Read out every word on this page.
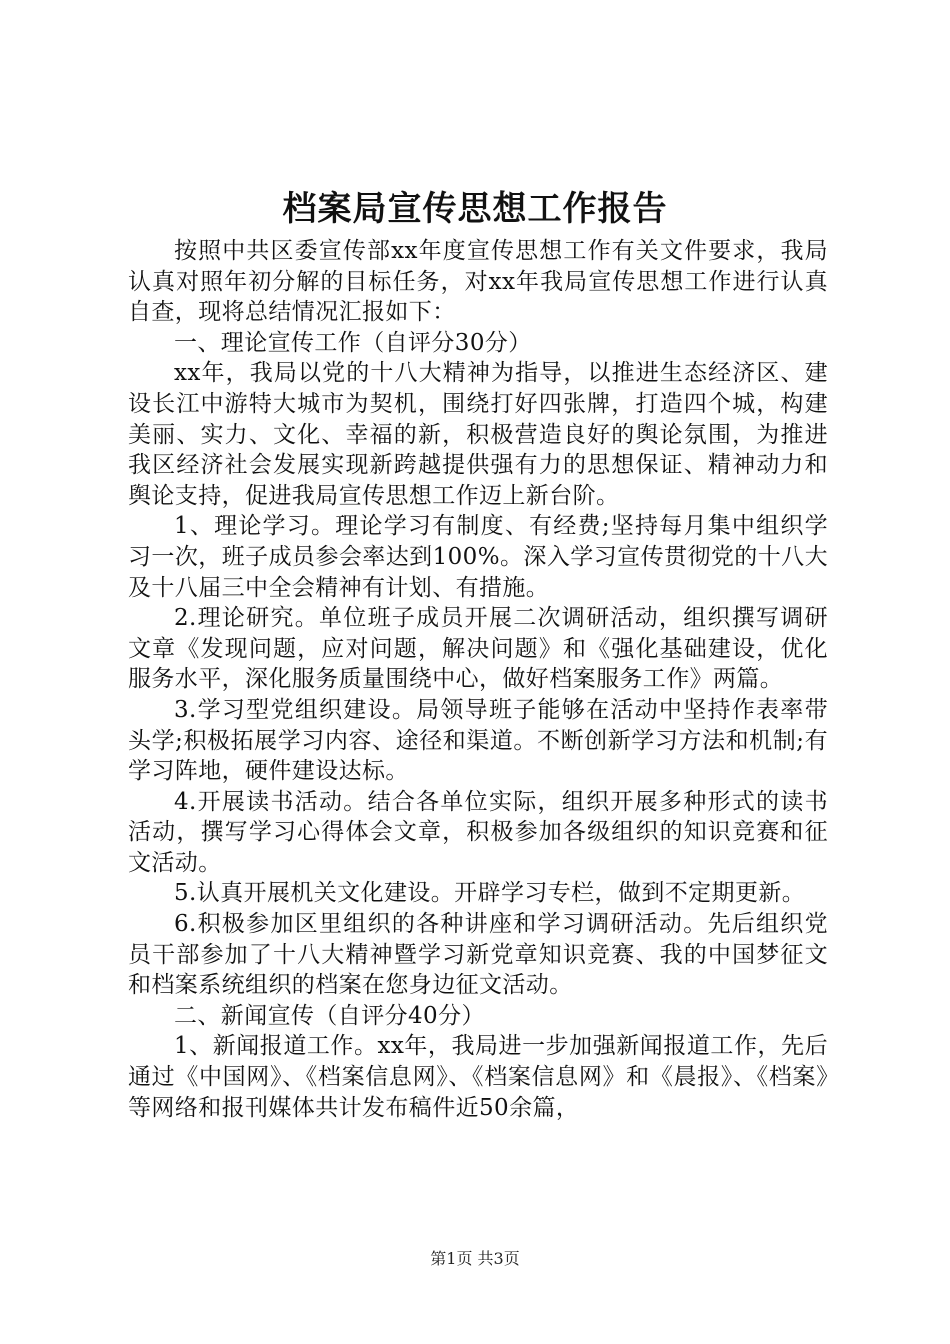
档案局宣传思想工作报告

按照中共区委宣传部xx年度宣传思想工作有关文件要求，我局认真对照年初分解的目标任务，对xx年我局宣传思想工作进行认真自查，现将总结情况汇报如下：

一、理论宣传工作（自评分30分）

xx年，我局以党的十八大精神为指导，以推进生态经济区、建设长江中游特大城市为契机，围绕打好四张牌，打造四个城，构建美丽、实力、文化、幸福的新，积极营造良好的舆论氛围，为推进我区经济社会发展实现新跨越提供强有力的思想保证、精神动力和舆论支持，促进我局宣传思想工作迈上新台阶。

1、理论学习。理论学习有制度、有经费;坚持每月集中组织学习一次，班子成员参会率达到100%。深入学习宣传贯彻党的十八大及十八届三中全会精神有计划、有措施。

2.理论研究。单位班子成员开展二次调研活动，组织撰写调研文章《发现问题，应对问题，解决问题》和《强化基础建设，优化服务水平，深化服务质量围绕中心，做好档案服务工作》两篇。

3.学习型党组织建设。局领导班子能够在活动中坚持作表率带头学;积极拓展学习内容、途径和渠道。不断创新学习方法和机制;有学习阵地，硬件建设达标。

4.开展读书活动。结合各单位实际，组织开展多种形式的读书活动，撰写学习心得体会文章，积极参加各级组织的知识竞赛和征文活动。

5.认真开展机关文化建设。开辟学习专栏，做到不定期更新。

6.积极参加区里组织的各种讲座和学习调研活动。先后组织党员干部参加了十八大精神暨学习新党章知识竞赛、我的中国梦征文和档案系统组织的档案在您身边征文活动。

二、新闻宣传（自评分40分）

1、新闻报道工作。xx年，我局进一步加强新闻报道工作，先后通过《中国网》、《档案信息网》、《档案信息网》和《晨报》、《档案》等网络和报刊媒体共计发布稿件近50余篇，

第1页 共3页
